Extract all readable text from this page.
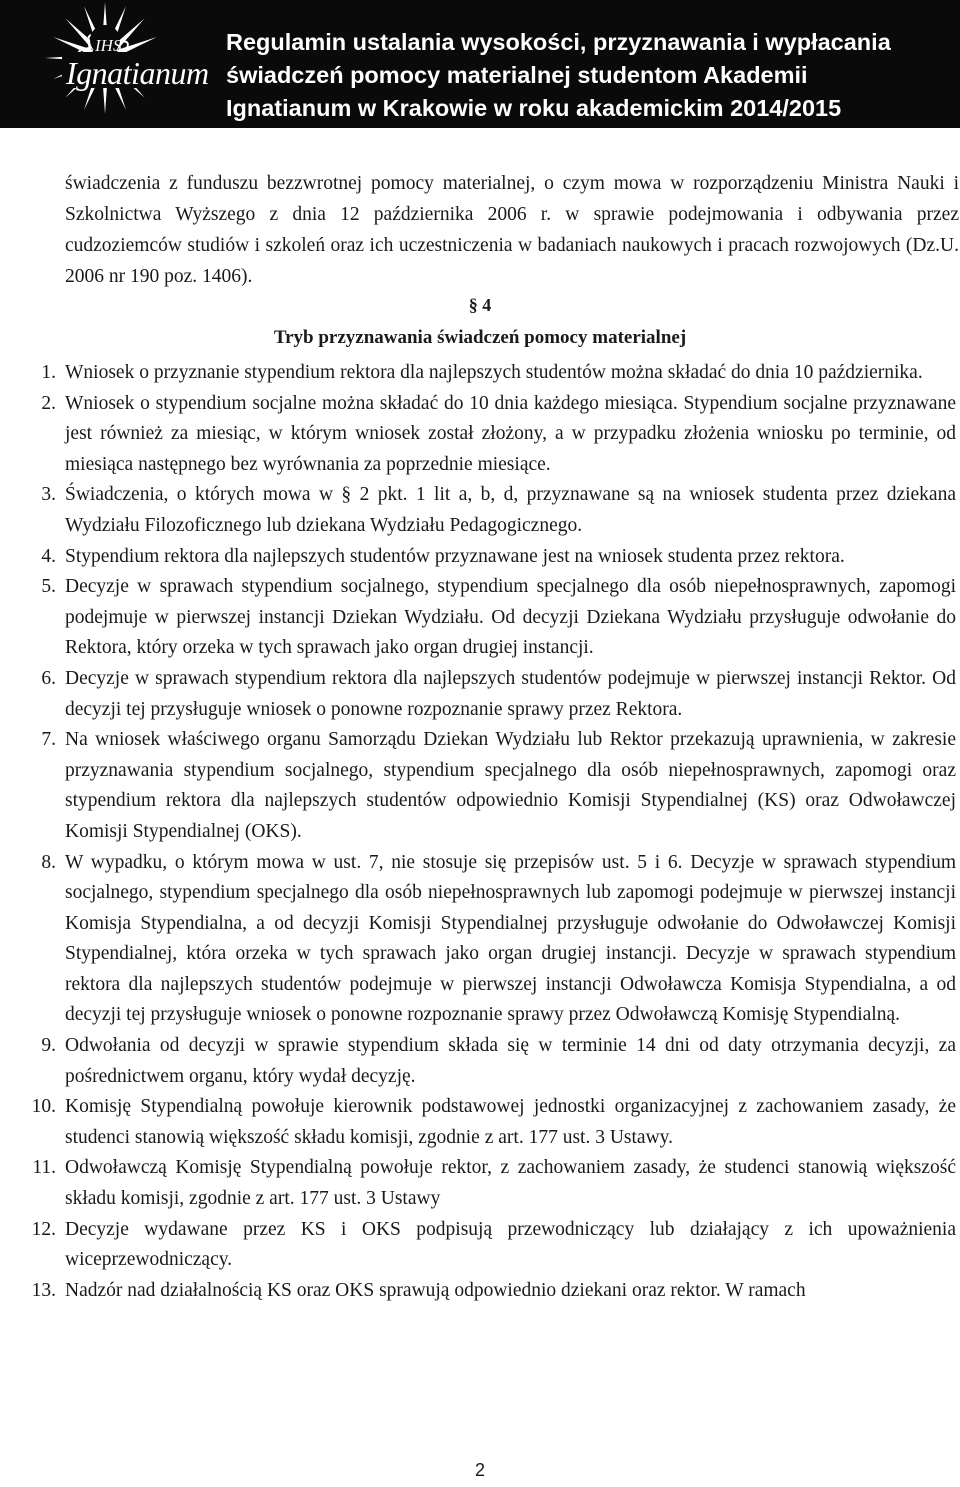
IHS
Ignatianum
Regulamin ustalania wysokości, przyznawania i wypłacania
świadczeń pomocy materialnej studentom Akademii
Ignatianum w Krakowie w roku akademickim 2014/2015

świadczenia z funduszu bezzwrotnej pomocy materialnej, o czym mowa w rozporządzeniu Ministra Nauki i Szkolnictwa Wyższego z dnia 12 października 2006 r. w sprawie podejmowania i odbywania przez cudzoziemców studiów i szkoleń oraz ich uczestniczenia w badaniach naukowych i pracach rozwojowych (Dz.U. 2006 nr 190 poz. 1406).

§ 4
Tryb przyznawania świadczeń pomocy materialnej
1. Wniosek o przyznanie stypendium rektora dla najlepszych studentów można składać do dnia 10 października.
2. Wniosek o stypendium socjalne można składać do 10 dnia każdego miesiąca. Stypendium socjalne przyznawane jest również za miesiąc, w którym wniosek został złożony, a w przypadku złożenia wniosku po terminie, od miesiąca następnego bez wyrównania za poprzednie miesiące.
3. Świadczenia, o których mowa w § 2 pkt. 1 lit a, b, d, przyznawane są na wniosek studenta przez dziekana Wydziału Filozoficznego lub dziekana Wydziału Pedagogicznego.
4. Stypendium rektora dla najlepszych studentów przyznawane jest na wniosek studenta przez rektora.
5. Decyzje w sprawach stypendium socjalnego, stypendium specjalnego dla osób niepełnosprawnych, zapomogi podejmuje w pierwszej instancji Dziekan Wydziału. Od decyzji Dziekana Wydziału przysługuje odwołanie do Rektora, który orzeka w tych sprawach jako organ drugiej instancji.
6. Decyzje w sprawach stypendium rektora dla najlepszych studentów podejmuje w pierwszej instancji Rektor. Od decyzji tej przysługuje wniosek o ponowne rozpoznanie sprawy przez Rektora.
7. Na wniosek właściwego organu Samorządu Dziekan Wydziału lub Rektor przekazują uprawnienia, w zakresie przyznawania stypendium socjalnego, stypendium specjalnego dla osób niepełnosprawnych, zapomogi oraz stypendium rektora dla najlepszych studentów odpowiednio Komisji Stypendialnej (KS) oraz Odwoławczej Komisji Stypendialnej (OKS).
8. W wypadku, o którym mowa w ust. 7, nie stosuje się przepisów ust. 5 i 6. Decyzje w sprawach stypendium socjalnego, stypendium specjalnego dla osób niepełnosprawnych lub zapomogi podejmuje w pierwszej instancji Komisja Stypendialna, a od decyzji Komisji Stypendialnej przysługuje odwołanie do Odwoławczej Komisji Stypendialnej, która orzeka w tych sprawach jako organ drugiej instancji. Decyzje w sprawach stypendium rektora dla najlepszych studentów podejmuje w pierwszej instancji Odwoławcza Komisja Stypendialna, a od decyzji tej przysługuje wniosek o ponowne rozpoznanie sprawy przez Odwoławczą Komisję Stypendialną.
9. Odwołania od decyzji w sprawie stypendium składa się w terminie 14 dni od daty otrzymania decyzji, za pośrednictwem organu, który wydał decyzję.
10. Komisję Stypendialną powołuje kierownik podstawowej jednostki organizacyjnej z zachowaniem zasady, że studenci stanowią większość składu komisji, zgodnie z art. 177 ust. 3 Ustawy.
11. Odwoławczą Komisję Stypendialną powołuje rektor, z zachowaniem zasady, że studenci stanowią większość składu komisji, zgodnie z art. 177 ust. 3 Ustawy
12. Decyzje wydawane przez KS i OKS podpisują przewodniczący lub działający z ich upoważnienia wiceprzewodniczący.
13. Nadzór nad działalnością KS oraz OKS sprawują odpowiednio dziekani oraz rektor. W ramach
2
